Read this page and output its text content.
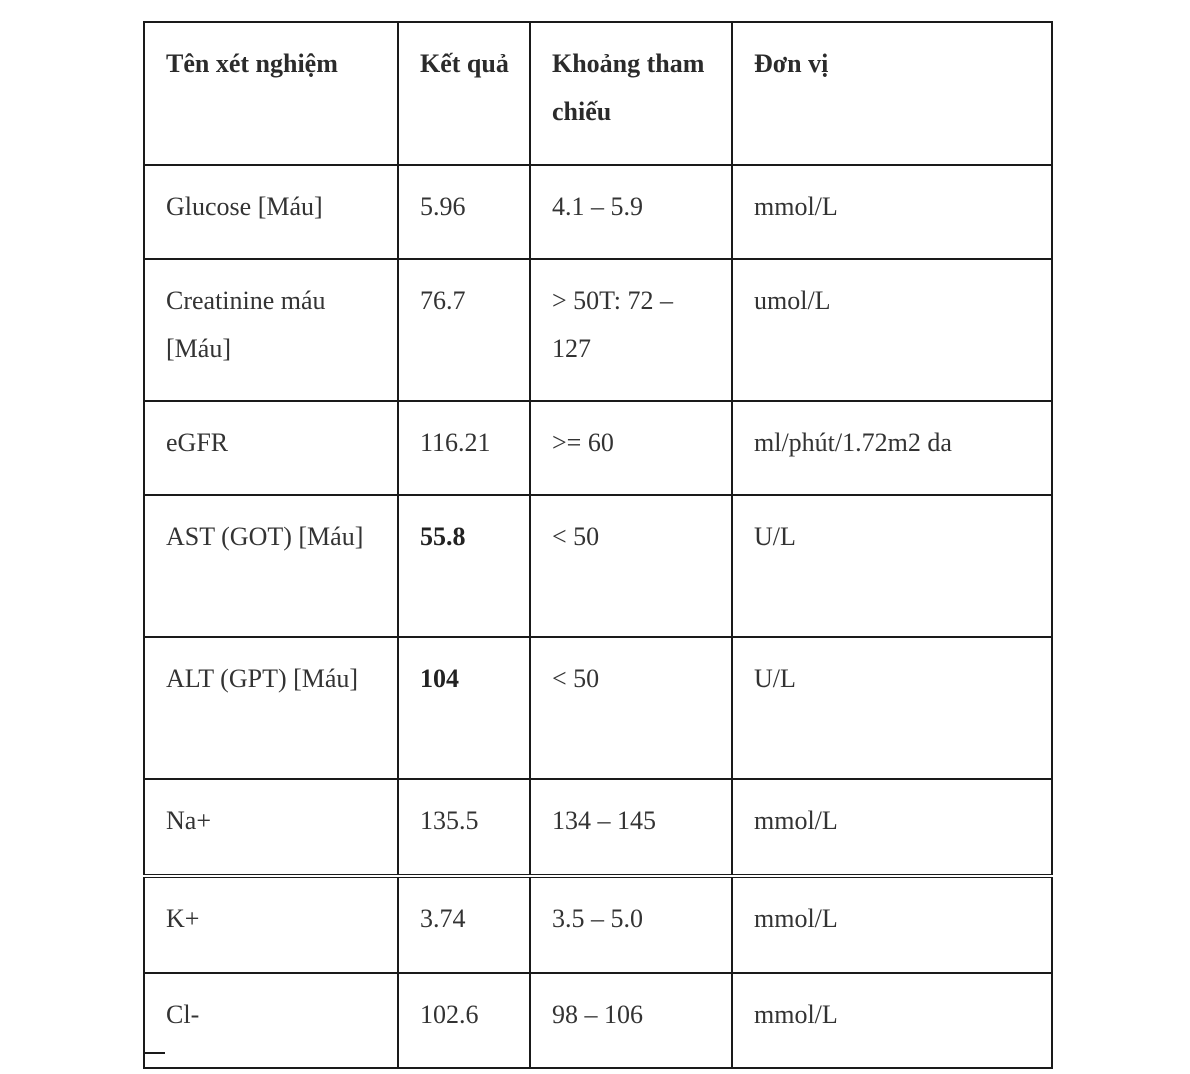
Tên xét nghiệm	Kết quả	Khoảng tham chiếu	Đơn vị
Glucose [Máu]	5.96	4.1 – 5.9	mmol/L
Creatinine máu [Máu]	76.7	> 50T: 72 – 127	umol/L
eGFR	116.21	>= 60	ml/phút/1.72m2 da
AST (GOT) [Máu]	55.8	< 50	U/L
ALT (GPT) [Máu]	104	< 50	U/L
Na+	135.5	134 – 145	mmol/L
K+	3.74	3.5 – 5.0	mmol/L
Cl-	102.6	98 – 106	mmol/L
